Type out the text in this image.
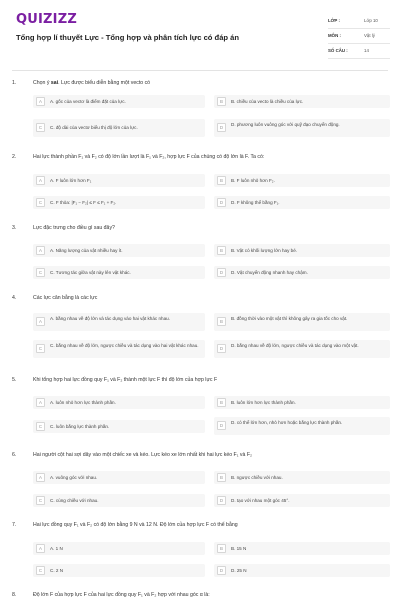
QUIZIZZ
Tổng hợp lí thuyết Lực - Tổng hợp và phân tích lực có đáp án
LỚP :	Lớp 10
MÔN :	Vật lý
SỐ CÂU :	14
1.	Chọn ý sai. Lực được biểu diễn bằng một vecto có
A	A. gốc của vectơ là điểm đặt của lực.	B	B. chiều của vecto là chiều của lực.
C	C. độ dài của vectơ biểu thị độ lớn của lực.	D
D. phương luôn vuông góc với quỹ đạo chuyển động.
2.	Hai lực thành phần F₁ và F₂ có độ lớn lần lượt là F₁ và F₂, hợp lực F của chúng có độ lớn là F. Ta có:
A	A. F luôn lớn hơn F₁	B	B. F luôn nhỏ hơn F₂.
C	C. F thỏa: |F₁ − F₂| ≤ F ≤ F₁ + F₂.	D	D. F không thể bằng F₁.
3.	Lực đặc trưng cho điều gì sau đây?
A	A. Năng lượng của vật nhiều hay ít.	B	B. Vật có khối lượng lớn hay bé.
C	C. Tương tác giữa vật này lên vật khác.	D	D. Vật chuyển động nhanh hay chậm.
4.	Các lực cân bằng là các lực
A
A. bằng nhau về độ lớn và tác dụng vào hai vật khác nhau.
B
B. đồng thời vào một vật thì không gây ra gia tốc cho vật.
C
C. bằng nhau về độ lớn, ngược chiều và tác dụng vào hai vật khác nhau.
D
D. bằng nhau về độ lớn, ngược chiều và tác dụng vào một vật.
5.	Khi tổng hợp hai lực đồng quy F₁ và F₂ thành một lực F thì độ lớn của hợp lực F
A	A. luôn nhỏ hơn lực thành phần.	B	B. luôn lớn hơn lực thành phần.
C	C. luôn bằng lực thành phần.	D
D. có thể lớn hơn, nhỏ hơn hoặc bằng lực thành phần.
6.	Hai người cột hai sợi dây vào một chiếc xe và kéo. Lực kéo xe lớn nhất khi hai lực kéo F₁ và F₂
A	A. vuông góc với nhau.	B	B. ngược chiều với nhau.
C	C. cùng chiều với nhau.	D	D. tạo với nhau một góc 45°.
7.	Hai lực đồng quy F₁ và F₂ có độ lớn bằng 9 N và 12 N. Độ lớn của hợp lực F có thể bằng
A	A. 1 N	B	B. 15 N
C	C. 2 N	D	D. 25 N
8.	Độ lớn F của hợp lực F của hai lực đồng quy F₁ và F₂ hợp với nhau góc α là:
